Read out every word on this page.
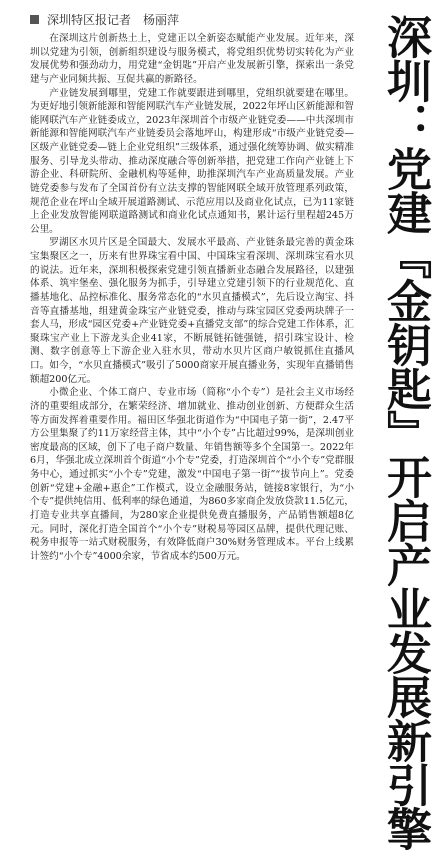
深圳特区报记者 杨丽萍	深圳：党建『金钥匙』开启产业发展新引擎

在深圳这片创新热土上，党建正以全新姿态赋能产业发展。近年来，深圳以党建为引领，创新组织建设与服务模式，将党组织优势切实转化为产业发展优势和强劲动力，用党建“金钥匙”开启产业发展新引擎，探索出一条党建与产业同频共振、互促共赢的新路径。

产业链发展到哪里，党建工作就要跟进到哪里，党组织就要建在哪里。为更好地引领新能源和智能网联汽车产业链发展，2022年坪山区新能源和智能网联汽车产业链委成立，2023年深圳首个市级产业链党委——中共深圳市新能源和智能网联汽车产业链委员会落地坪山，构建形成“市级产业链党委—区级产业链党委—链上企业党组织”三级体系，通过强化统筹协调、做实精准服务、引导龙头带动、推动深度融合等创新举措，把党建工作向产业链上下游企业、科研院所、金融机构等延伸，助推深圳汽车产业高质量发展。产业链党委参与发布了全国首份有立法支撑的智能网联全域开放管理系列政策，规范企业在坪山全域开展道路测试、示范应用以及商业化试点，已为11家链上企业发放智能网联道路测试和商业化试点通知书，累计运行里程超245万公里。

罗湖区水贝片区是全国最大、发展水平最高、产业链条最完善的黄金珠宝集聚区之一，历来有世界珠宝看中国、中国珠宝看深圳、深圳珠宝看水贝的说法。近年来，深圳积极探索党建引领直播新业态融合发展路径，以建强体系、筑牢堡垒、强化服务为抓手，引导建立党建引领下的行业规范化、直播基地化、品控标准化、服务常态化的“水贝直播模式”，先后设立淘宝、抖音等直播基地，组建黄金珠宝产业链党委，推动与珠宝园区党委两块牌子一套人马，形成“园区党委+产业链党委+直播党支部”的综合党建工作体系，汇聚珠宝产业上下游龙头企业41家，不断展链拓链强链，招引珠宝设计、检测、数字创意等上下游企业入驻水贝，带动水贝片区商户敏锐抓住直播风口。如今，“水贝直播模式”吸引了5000商家开展直播业务，实现年直播销售额超200亿元。

小微企业、个体工商户、专业市场（简称“小个专”）是社会主义市场经济的重要组成部分，在繁荣经济、增加就业、推动创业创新、方便群众生活等方面发挥着重要作用。福田区华强北街道作为“中国电子第一街”，2.47平方公里集聚了约11万家经营主体，其中“小个专”占比超过99%，是深圳创业密度最高的区域，创下了电子商户数量、年销售额等多个全国第一。2022年6月，华强北成立深圳首个街道“小个专”党委，打造深圳首个“小个专”党群服务中心，通过抓实“小个专”党建，激发“中国电子第一街”“拔节向上”。党委创新“党建+金融+惠企”工作模式，设立金融服务站，链接8家银行，为“小个专”提供纯信用、低利率的绿色通道，为860多家商企发放贷款11.5亿元，打造专业共享直播间，为280家企业提供免费直播服务，产品销售额超8亿元。同时，深化打造全国首个“小个专”财税易等园区品牌，提供代理记账、税务申报等一站式财税服务，有效降低商户30%财务管理成本。平台上线累计签约“小个专”4000余家，节省成本约500万元。
